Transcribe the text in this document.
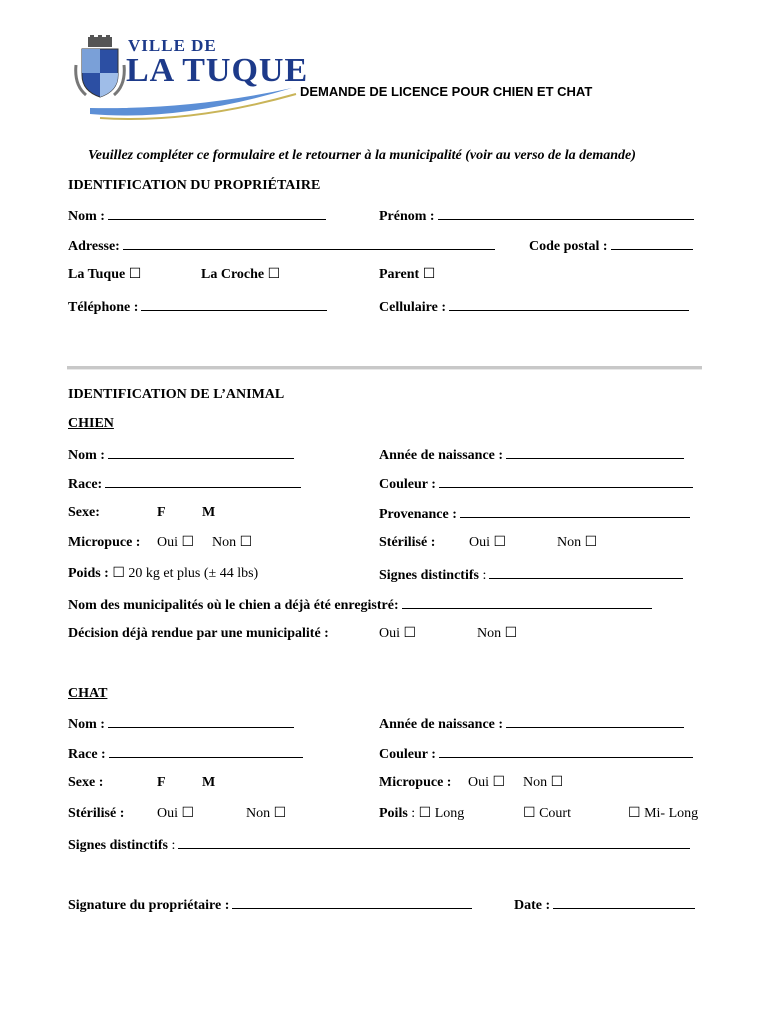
VILLE DE
LA TUQUE
DEMANDE DE LICENCE POUR CHIEN ET CHAT
Veuillez compléter ce formulaire et le retourner à la municipalité (voir au verso de la demande)
IDENTIFICATION DU PROPRIÉTAIRE
Nom :	Prénom :
Adresse:	Code postal :
La Tuque ☐	La Croche ☐	Parent ☐
Téléphone :	Cellulaire :
IDENTIFICATION DE L’ANIMAL
CHIEN
Nom :	Année de naissance :
Race:	Couleur :
Sexe:	F	M	Provenance :
Micropuce : Oui ☐ Non ☐	Stérilisé : Oui ☐	Non ☐
Poids : ☐ 20 kg et plus (± 44 lbs)	Signes distinctifs :
Nom des municipalités où le chien a déjà été enregistré:
Décision déjà rendue par une municipalité :	Oui ☐	Non ☐
CHAT
Nom :	Année de naissance :
Race :	Couleur :
Sexe :	F	M	Micropuce : Oui ☐ Non ☐
Stérilisé : Oui ☐	Non ☐	Poils : ☐ Long	☐ Court	☐ Mi- Long
Signes distinctifs :
Signature du propriétaire :	Date :
